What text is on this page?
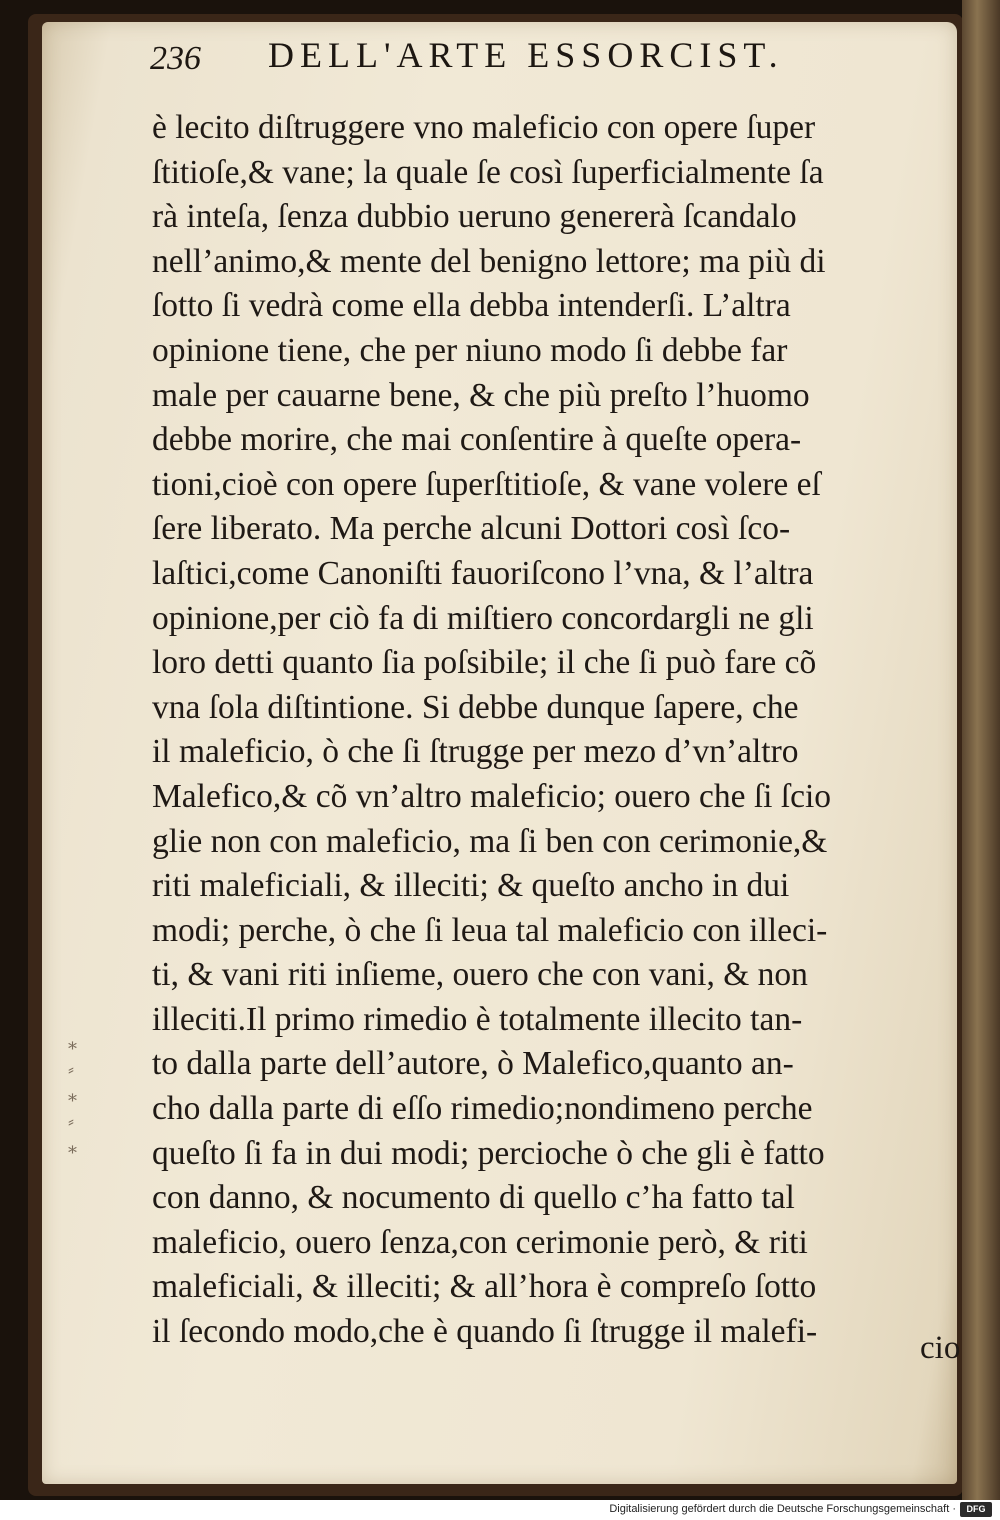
⁎
⸗
⁎
⸗
⁎
236 DELL'ARTE ESSORCIST.
è lecito diſtruggere vno maleficio con opere ſuper
ſtitioſe,& vane; la quale ſe così ſuperficialmente ſa
rà inteſa, ſenza dubbio ueruno genererà ſcandalo
nell’animo,& mente del benigno lettore; ma più di
ſotto ſi vedrà come ella debba intenderſi. L’altra
opinione tiene, che per niuno modo ſi debbe far
male per cauarne bene, & che più preſto l’huomo
debbe morire, che mai conſentire à queſte opera-
tioni,cioè con opere ſuperſtitioſe, & vane volere eſ
ſere liberato. Ma perche alcuni Dottori così ſco-
laſtici,come Canoniſti fauoriſcono l’vna, & l’altra
opinione,per ciò fa di miſtiero concordargli ne gli
loro detti quanto ſia poſsibile; il che ſi può fare cõ
vna ſola diſtintione. Si debbe dunque ſapere, che
il maleficio, ò che ſi ſtrugge per mezo d’vn’altro
Malefico,& cõ vn’altro maleficio; ouero che ſi ſcio
glie non con maleficio, ma ſi ben con cerimonie,&
riti maleficiali, & illeciti; & queſto ancho in dui
modi; perche, ò che ſi leua tal maleficio con illeci-
ti, & vani riti inſieme, ouero che con vani, & non
illeciti.Il primo rimedio è totalmente illecito tan-
to dalla parte dell’autore, ò Malefico,quanto an-
cho dalla parte di eſſo rimedio;nondimeno perche
queſto ſi fa in dui modi; percioche ò che gli è fatto
con danno, & nocumento di quello c’ha fatto tal
maleficio, ouero ſenza,con cerimonie però, & riti
maleficiali, & illeciti; & all’hora è compreſo ſotto
il ſecondo modo,che è quando ſi ſtrugge il malefi-	cio
Digitalisierung gefördert durch die Deutsche Forschungsgemeinschaft ·	DFG
